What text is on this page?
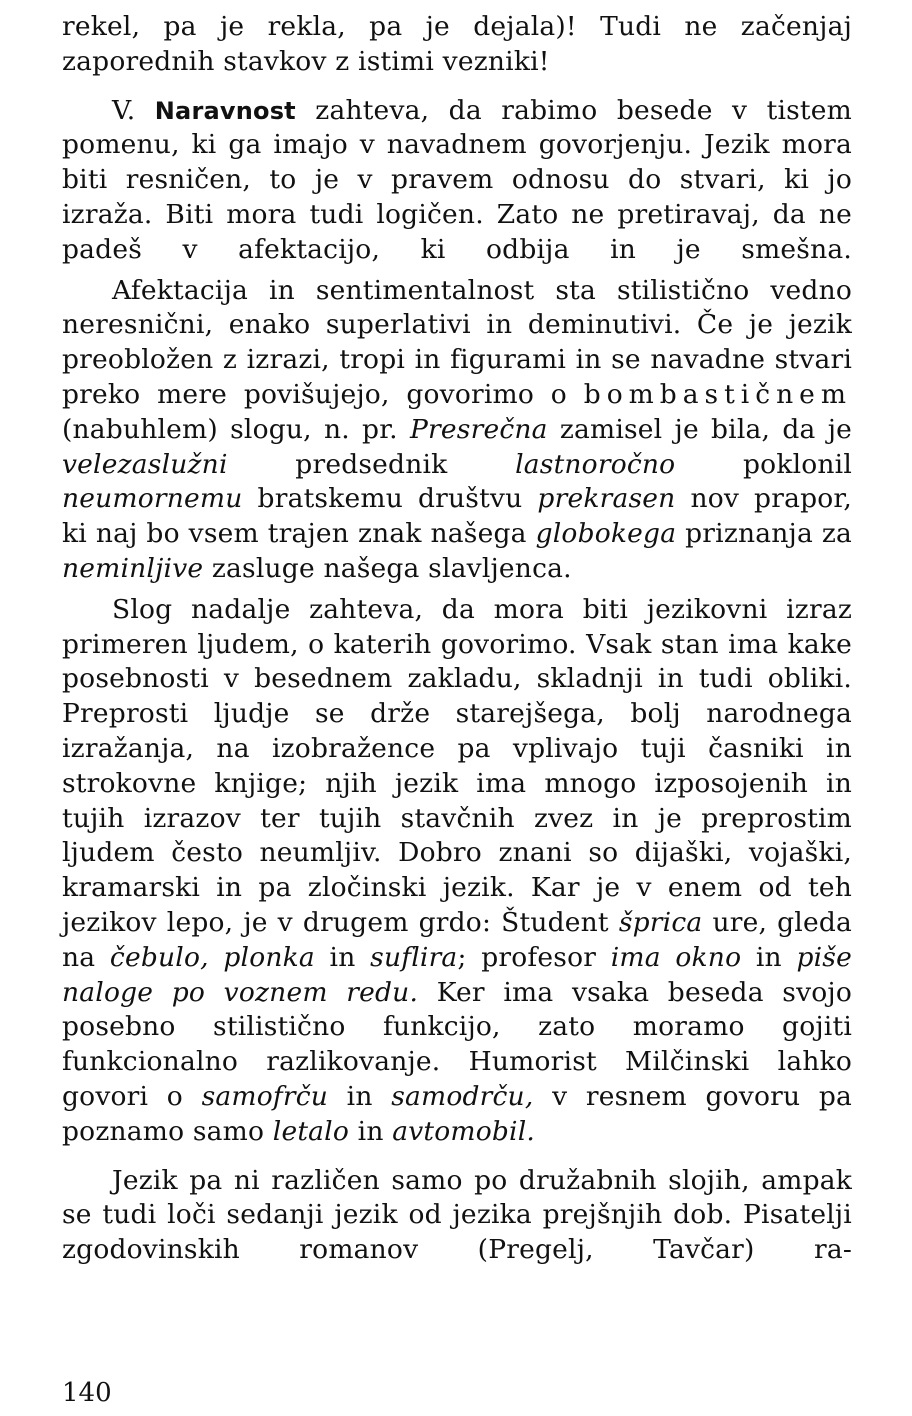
rekel, pa je rekla, pa je dejala)! Tudi ne začenjaj zaporednih stavkov z istimi vezniki!

V. Naravnost zahteva, da rabimo besede v tistem pomenu, ki ga imajo v navadnem govorjenju. Jezik mora biti resničen, to je v pravem odnosu do stvari, ki jo izraža. Biti mora tudi logičen. Zato ne pretiravaj, da ne padeš v afektacijo, ki odbija in je smešna.

Afektacija in sentimentalnost sta stilistično vedno neresnični, enako superlativi in deminutivi. Če je jezik preobložen z izrazi, tropi in figurami in se navadne stvari preko mere povišujejo, govorimo o bombastičnem (nabuhlem) slogu, n. pr. Presrečna zamisel je bila, da je velezaslužni	predsednik	lastnoročno	poklonil neumornemu bratskemu društvu prekrasen nov prapor, ki naj bo vsem trajen znak našega globokega priznanja za neminljive zasluge našega slavljenca.

Slog nadalje zahteva, da mora biti jezikovni izraz primeren ljudem, o katerih govorimo. Vsak stan ima kake posebnosti v besednem zakladu, skladnji in tudi obliki. Preprosti ljudje se drže starejšega, bolj narodnega izražanja, na izobražence pa vplivajo tuji časniki in strokovne knjige; njih jezik ima mnogo izposojenih in tujih izrazov ter tujih stavčnih zvez in je preprostim ljudem često neumljiv. Dobro znani so dijaški, vojaški, kramarski in pa zločinski jezik. Kar je v enem od teh jezikov lepo, je v drugem grdo: Študent šprica ure, gleda na čebulo, plonka in suflira; profesor ima okno in piše naloge po voznem redu. Ker ima vsaka beseda svojo posebno stilistično funkcijo, zato moramo gojiti funkcionalno razlikovanje. Humorist Milčinski lahko govori o samofrču in samodrču, v resnem govoru pa poznamo samo letalo in avtomobil.

Jezik pa ni različen samo po družabnih slojih, ampak se tudi loči sedanji jezik od jezika prejšnjih dob. Pisatelji zgodovinskih romanov (Pregelj, Tavčar) ra-

140
